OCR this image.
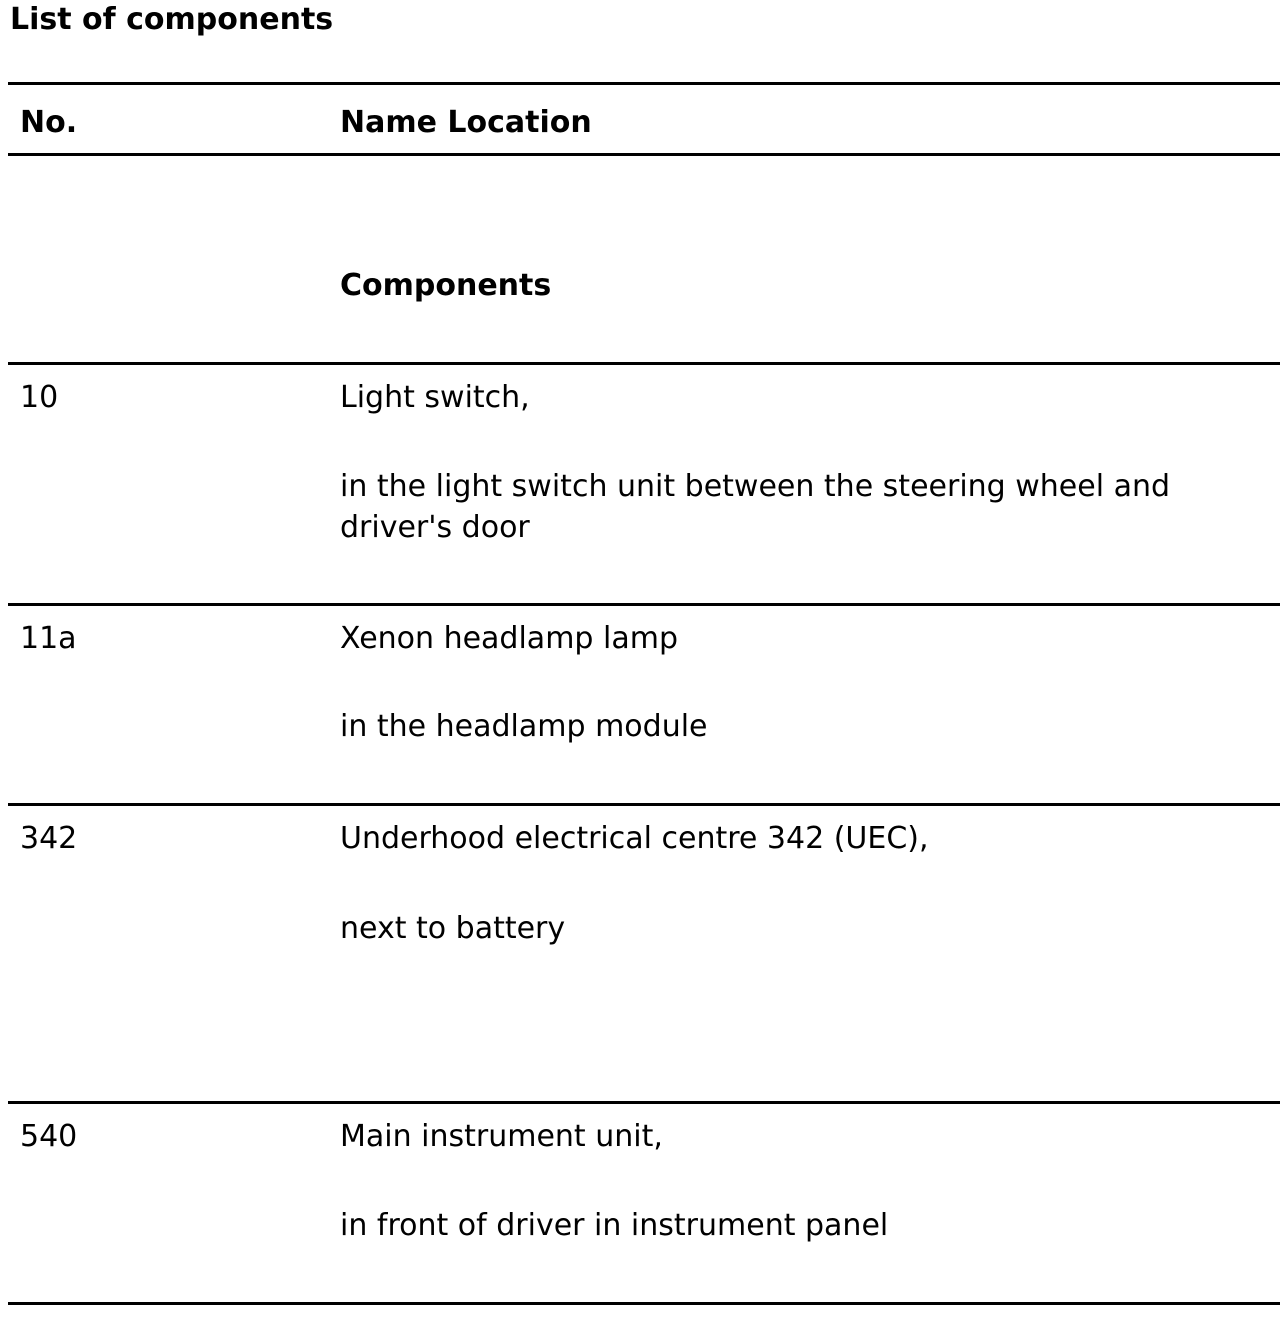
List of components
No.	Name Location
Components
10	Light switch,
in the light switch unit between the steering wheel and driver's door
11a	Xenon headlamp lamp
in the headlamp module
342	Underhood electrical centre 342 (UEC),
next to battery
540	Main instrument unit,
in front of driver in instrument panel
